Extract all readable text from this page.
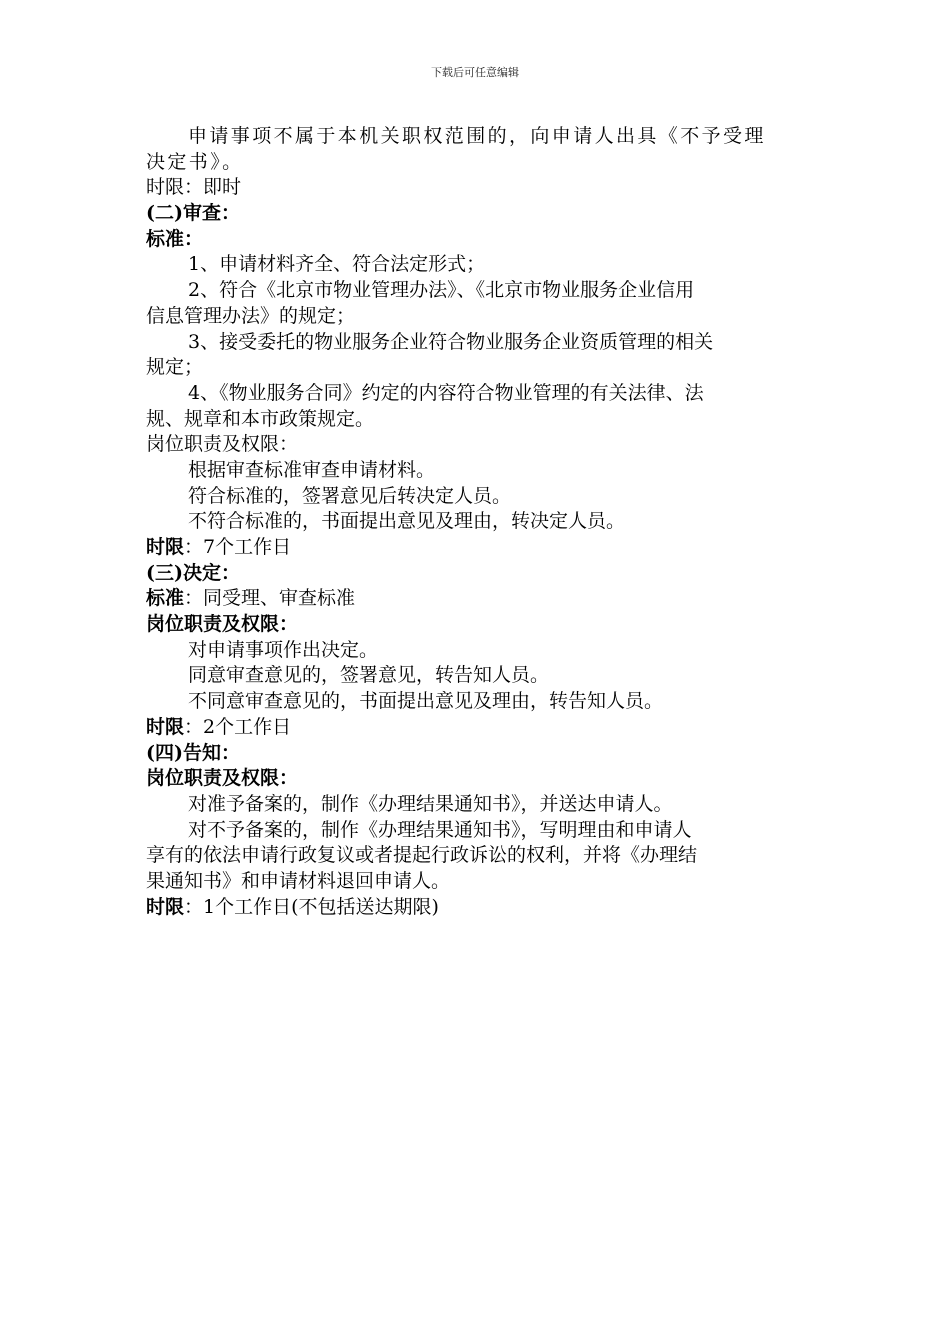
下载后可任意编辑

申请事项不属于本机关职权范围的，向申请人出具《不予受理

决定书》。

时限：即时

(二)审查：

标准：

1、申请材料齐全、符合法定形式；

2、符合《北京市物业管理办法》、《北京市物业服务企业信用

信息管理办法》的规定；

3、接受委托的物业服务企业符合物业服务企业资质管理的相关

规定；

4、《物业服务合同》约定的内容符合物业管理的有关法律、法

规、规章和本市政策规定。

岗位职责及权限：

根据审查标准审查申请材料。

符合标准的，签署意见后转决定人员。

不符合标准的，书面提出意见及理由，转决定人员。

时限：7个工作日

(三)决定：

标准：同受理、审查标准

岗位职责及权限：

对申请事项作出决定。

同意审查意见的，签署意见，转告知人员。

不同意审查意见的，书面提出意见及理由，转告知人员。

时限：2个工作日

(四)告知：

岗位职责及权限：

对准予备案的，制作《办理结果通知书》，并送达申请人。

对不予备案的，制作《办理结果通知书》，写明理由和申请人

享有的依法申请行政复议或者提起行政诉讼的权利，并将《办理结

果通知书》和申请材料退回申请人。

时限：1个工作日(不包括送达期限)
